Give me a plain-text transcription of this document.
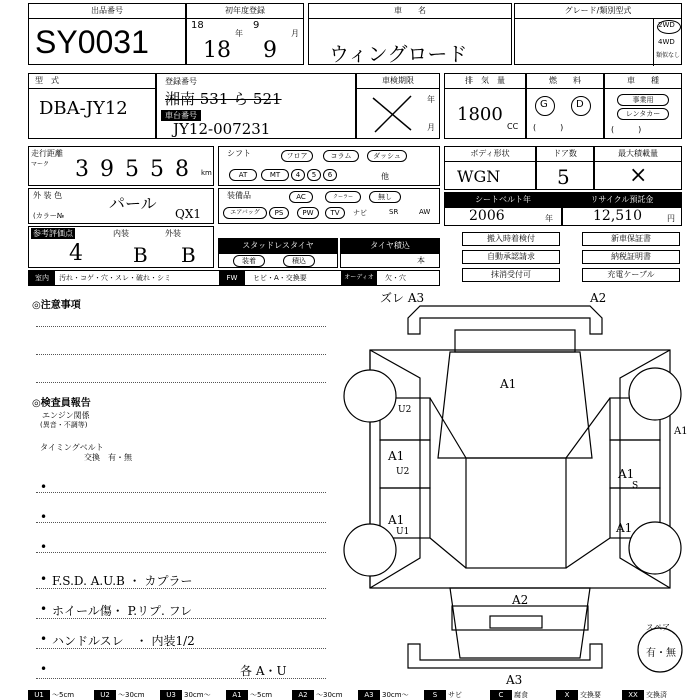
出品番号
SY0031
初年度登録
18
年
9
月
18 9
車　　名
ウィングロード
グレード/類別型式
2WD
4WD
類似なし
型　式
DBA-JY12
登録番号
湘南 531 ら 521
車台番号
JY12-007231
車検期限
年
月
排　気　量
1800
CC
燃　　料
G	D
(　　　)
車　　種
事業用
レンタカー
(　　　)
走行距離
マーク 39558 km
シフト	フロア	コラム	ダッシュ
AT	MT	4	5	6	他
ボディ形状
WGN
ドア数
5
最大積載量
×
外 装 色	パール
(カラー№	QX1
装備品	AC	クーラー	無し
エアバッグ	PS	PW	TV	ナビ	SR	AW
シートベルト年
2006	年
リサイクル預託金
12,510	円
参考評価点
4
内装
B
外装
B	スタッドレスタイヤ
装着	積込
タイヤ積込
本
搬入時着検付	新車保証書
自動承認請求	納税証明書
抹消受付可	充電ケーブル
室内	汚れ・コゲ・穴・スレ・破れ・シミ	FW	ヒビ・A・交換要	オーディオ	欠・穴
◎注意事項
◎検査員報告
エンジン関係
(異音・不調等)
タイミングベルト
交換　有・無
•
•
•
• F.S.D. A.U.B ・ カプラー
• ホイール傷・ P.リプ. フレ
• ハンドルスレ　・ 内装1/2
•	各 A・U
ズレ A3	A2
A1
U2
A1
U2
A1
U1
A1
S
A1
A1
A2
A3
スペア
有・無
U1	〜5cm	U2	〜30cm	U3	30cm〜	A1	〜5cm	A2	〜30cm	A3	30cm〜	S	サビ	C	腐食	X	交換要	XX	交換済
